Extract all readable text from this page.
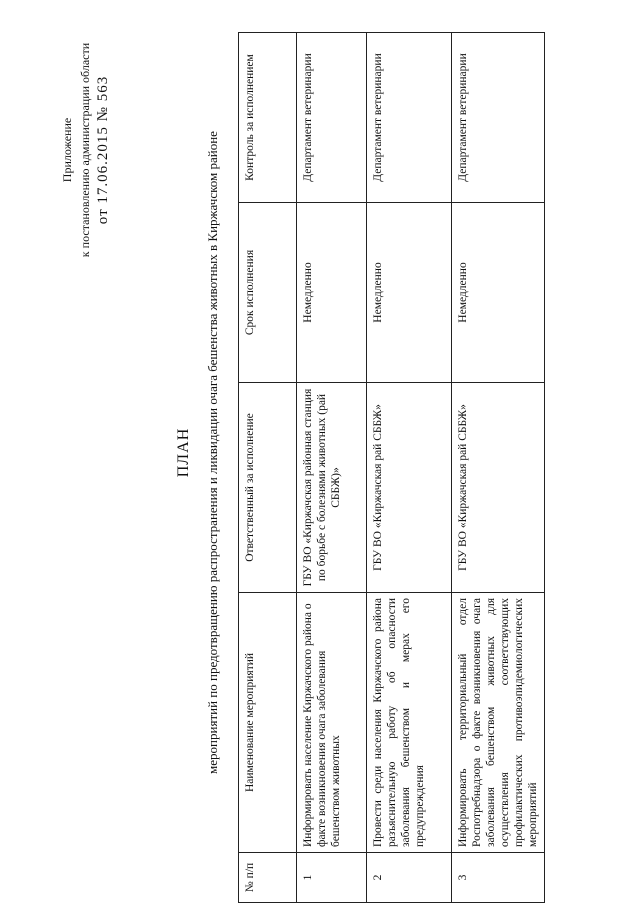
Приложение к постановлению администрации области от 17.06.2015 № 563
ПЛАН мероприятий по предотвращению распространения и ликвидации очага бешенства животных в Киржачском районе
№ п/п	Наименование мероприятий	Ответственный за исполнение	Срок исполнения	Контроль за исполнением
1	Информировать население Киржачского района о факте возникновения очага заболевания бешенством животных	ГБУ ВО «Киржачская районная станция по борьбе с болезнями животных (рай СББЖ)»	Немедленно	Департамент ветеринарии
2	Провести среди населения Киржачского района разъяснительную работу об опасности заболевания бешенством и мерах его предупреждения	ГБУ ВО «Киржачская рай СББЖ»	Немедленно	Департамент ветеринарии
3	Информировать территориальный отдел Роспотребнадзора о факте возникновения очага заболевания бешенством животных для осуществления соответствующих профилактических противоэпидемиологических мероприятий	ГБУ ВО «Киржачская рай СББЖ»	Немедленно	Департамент ветеринарии
